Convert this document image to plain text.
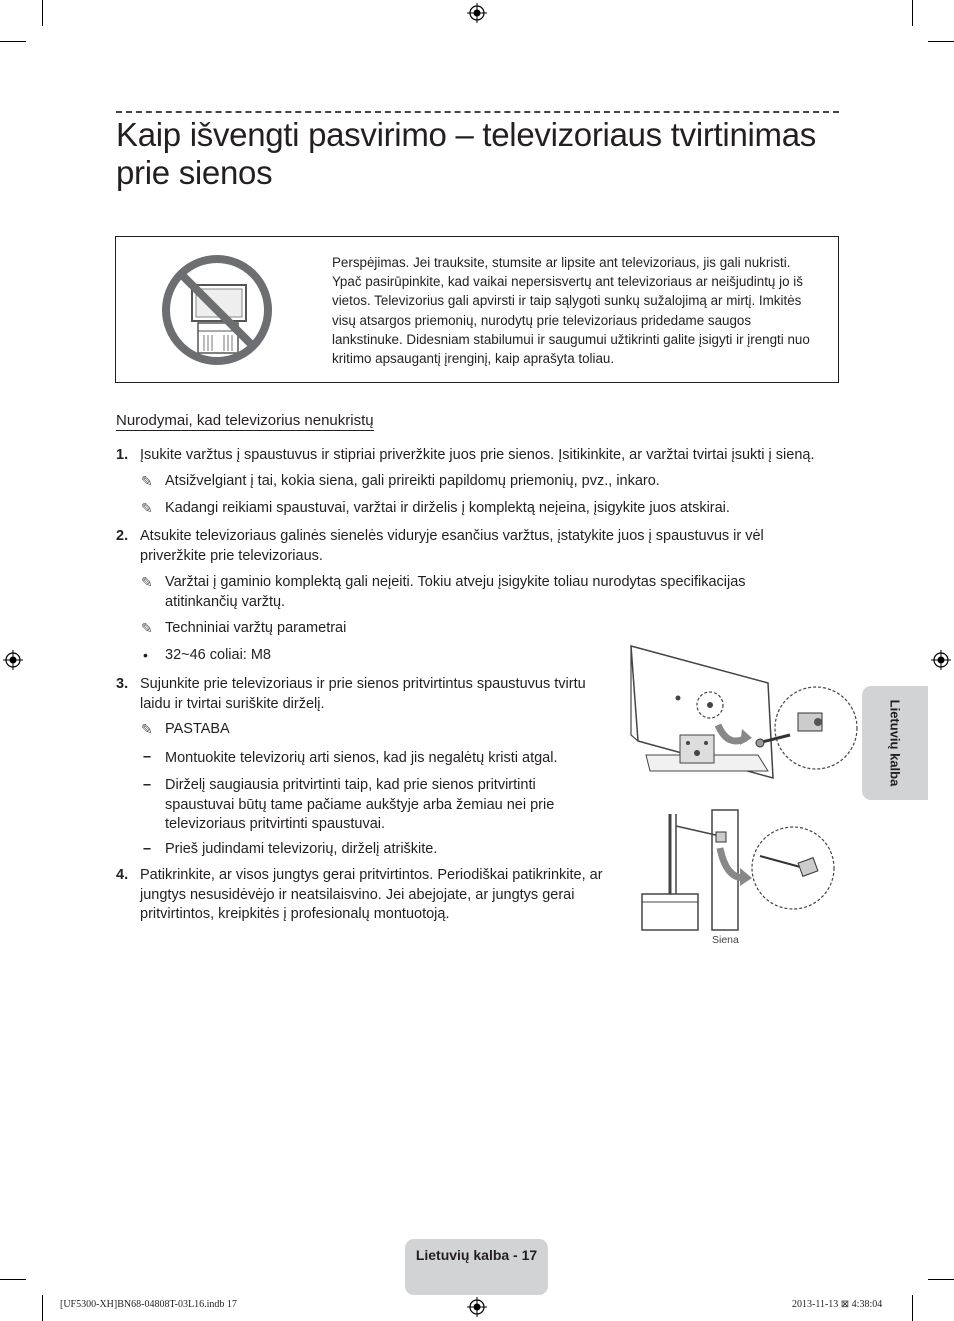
Kaip išvengti pasvirimo – televizoriaus tvirtinimas prie sienos
Perspėjimas. Jei trauksite, stumsite ar lipsite ant televizoriaus, jis gali nukristi. Ypač pasirūpinkite, kad vaikai nepersisvertų ant televizoriaus ar neišjudintų jo iš vietos. Televizorius gali apvirsti ir taip sąlygoti sunkų sužalojimą ar mirtį. Imkitės visų atsargos priemonių, nurodytų prie televizoriaus pridedame saugos lankstinuke. Didesniam stabilumui ir saugumui užtikrinti galite įsigyti ir įrengti nuo kritimo apsaugantį įrenginį, kaip aprašyta toliau.
Nurodymai, kad televizorius nenukristų
1. Įsukite varžtus į spaustuvus ir stipriai priveržkite juos prie sienos. Įsitikinkite, ar varžtai tvirtai įsukti į sieną.
✎ Atsižvelgiant į tai, kokia siena, gali prireikti papildomų priemonių, pvz., inkaro.
✎ Kadangi reikiami spaustuvai, varžtai ir dirželis į komplektą neįeina, įsigykite juos atskirai.
2. Atsukite televizoriaus galinės sienelės viduryje esančius varžtus, įstatykite juos į spaustuvus ir vėl priveržkite prie televizoriaus.
✎ Varžtai į gaminio komplektą gali neįeiti. Tokiu atveju įsigykite toliau nurodytas specifikacijas atitinkančių varžtų.
✎ Techniniai varžtų parametrai
• 32~46 coliai: M8
3. Sujunkite prie televizoriaus ir prie sienos pritvirtintus spaustuvus tvirtu laidu ir tvirtai suriškite dirželį.
✎ PASTABA
– Montuokite televizorių arti sienos, kad jis negalėtų kristi atgal.
– Dirželį saugiausia pritvirtinti taip, kad prie sienos pritvirtinti spaustuvai būtų tame pačiame aukštyje arba žemiau nei prie televizoriaus pritvirtinti spaustuvai.
– Prieš judindami televizorių, dirželį atriškite.
4. Patikrinkite, ar visos jungtys gerai pritvirtintos. Periodiškai patikrinkite, ar jungtys nesusidėvėjo ir neatsilaisvino. Jei abejojate, ar jungtys gerai pritvirtintos, kreipkitės į profesionalų montuotoją.
Siena
Lietuvių kalba
Lietuvių kalba - 17
[UF5300-XH]BN68-04808T-03L16.indb 17	2013-11-13 ⊠ 4:38:04
